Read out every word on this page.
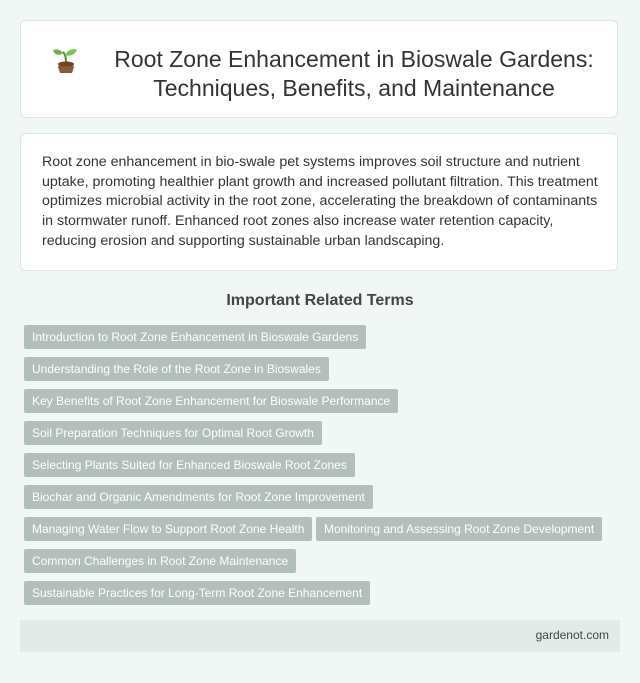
Root Zone Enhancement in Bioswale Gardens: Techniques, Benefits, and Maintenance

Root zone enhancement in bio-swale pet systems improves soil structure and nutrient uptake, promoting healthier plant growth and increased pollutant filtration. This treatment optimizes microbial activity in the root zone, accelerating the breakdown of contaminants in stormwater runoff. Enhanced root zones also increase water retention capacity, reducing erosion and supporting sustainable urban landscaping.

Important Related Terms
Introduction to Root Zone Enhancement in Bioswale Gardens
Understanding the Role of the Root Zone in Bioswales
Key Benefits of Root Zone Enhancement for Bioswale Performance
Soil Preparation Techniques for Optimal Root Growth
Selecting Plants Suited for Enhanced Bioswale Root Zones
Biochar and Organic Amendments for Root Zone Improvement
Managing Water Flow to Support Root Zone Health	Monitoring and Assessing Root Zone Development
Common Challenges in Root Zone Maintenance
Sustainable Practices for Long-Term Root Zone Enhancement
gardenot.com
